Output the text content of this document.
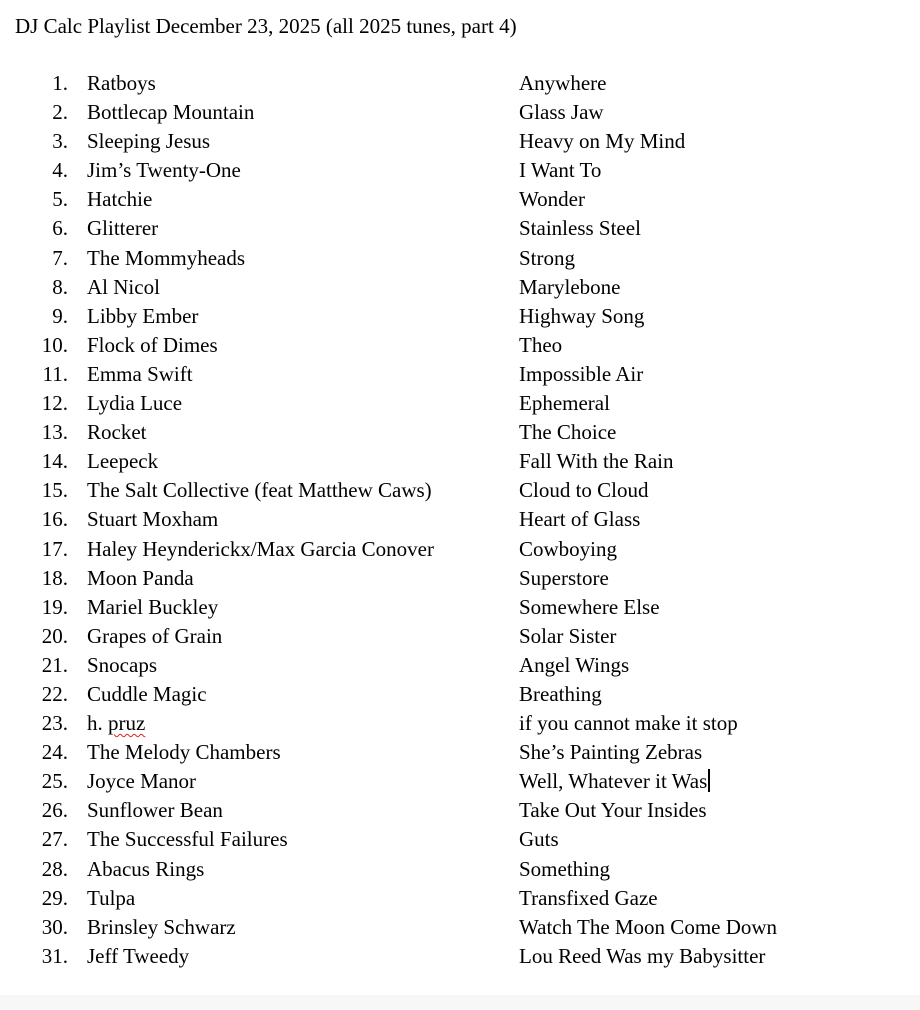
DJ Calc Playlist December 23, 2025 (all 2025 tunes, part 4)
1. Ratboys	Anywhere
2. Bottlecap Mountain	Glass Jaw
3. Sleeping Jesus	Heavy on My Mind
4. Jim’s Twenty-One	I Want To
5. Hatchie	Wonder
6. Glitterer	Stainless Steel
7. The Mommyheads	Strong
8. Al Nicol	Marylebone
9. Libby Ember	Highway Song
10. Flock of Dimes	Theo
11. Emma Swift	Impossible Air
12. Lydia Luce	Ephemeral
13. Rocket	The Choice
14. Leepeck	Fall With the Rain
15. The Salt Collective (feat Matthew Caws)	Cloud to Cloud
16. Stuart Moxham	Heart of Glass
17. Haley Heynderickx/Max Garcia Conover	Cowboying
18. Moon Panda	Superstore
19. Mariel Buckley	Somewhere Else
20. Grapes of Grain	Solar Sister
21. Snocaps	Angel Wings
22. Cuddle Magic	Breathing
23. h. pruz	if you cannot make it stop
24. The Melody Chambers	She’s Painting Zebras
25. Joyce Manor	Well, Whatever it Was
26. Sunflower Bean	Take Out Your Insides
27. The Successful Failures	Guts
28. Abacus Rings	Something
29. Tulpa	Transfixed Gaze
30. Brinsley Schwarz	Watch The Moon Come Down
31. Jeff Tweedy	Lou Reed Was my Babysitter
